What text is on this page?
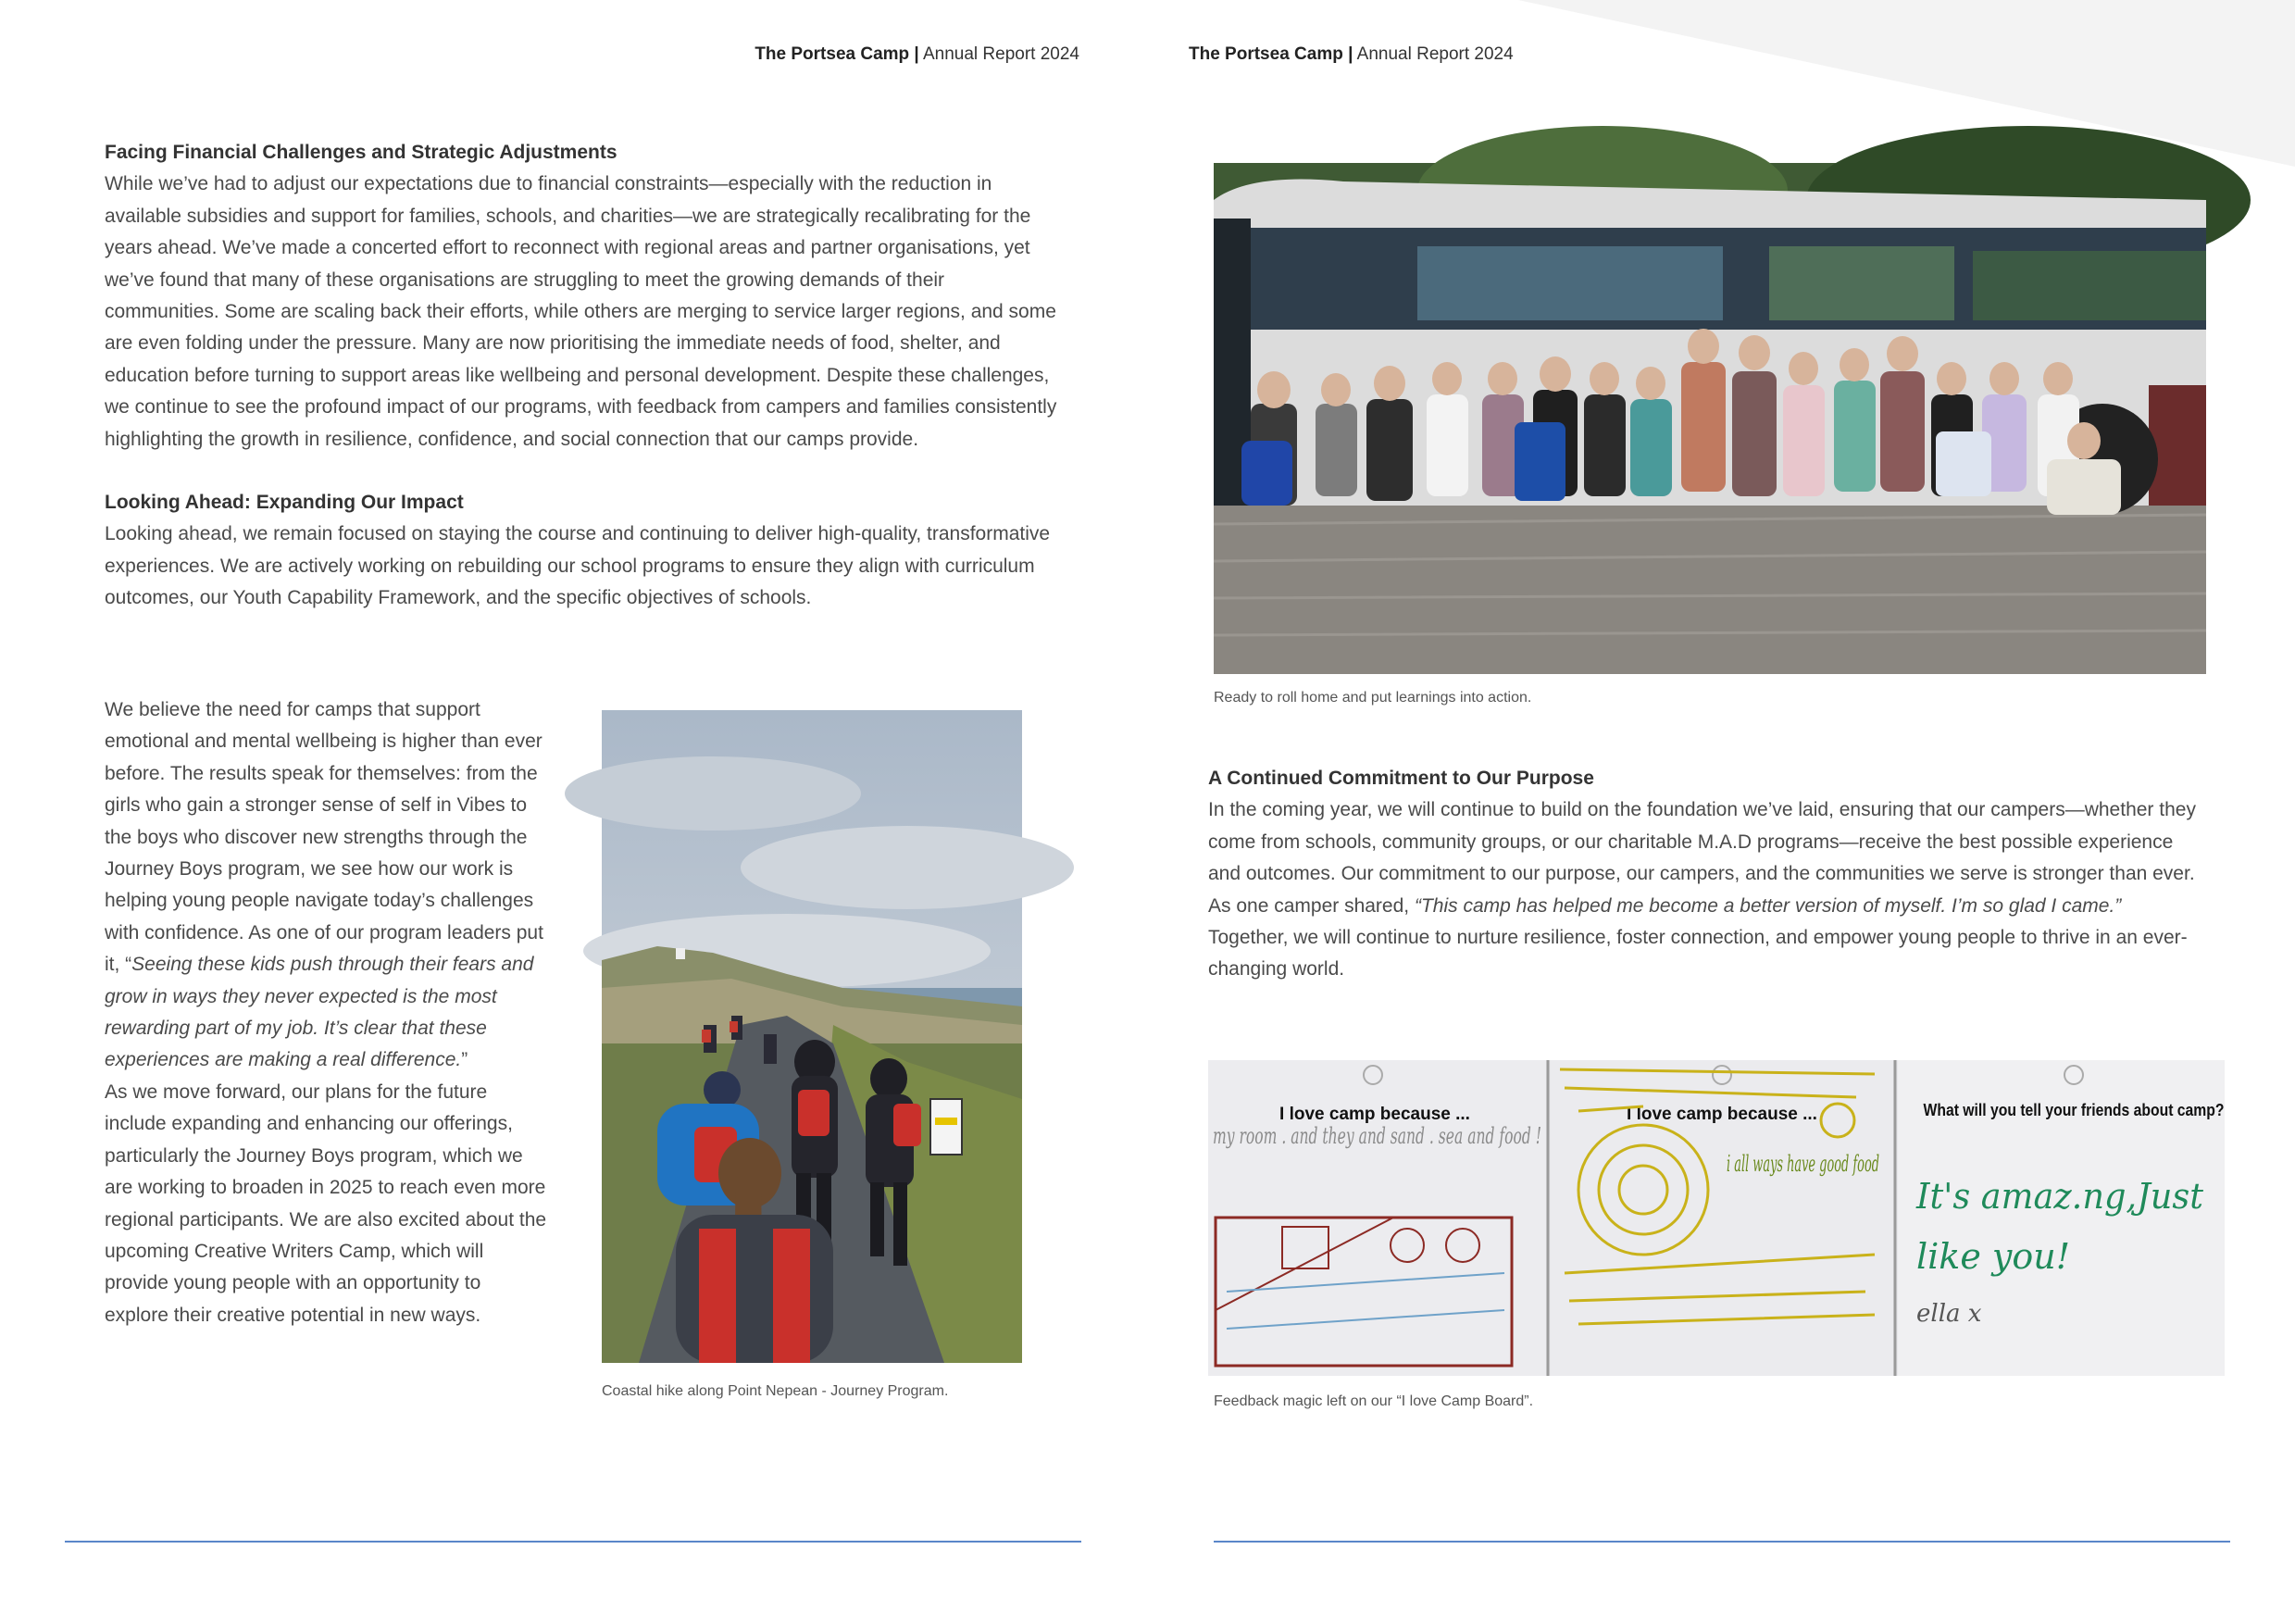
The Portsea Camp | Annual Report 2024	The Portsea Camp | Annual Report 2024
Facing Financial Challenges and Strategic Adjustments
While we’ve had to adjust our expectations due to financial constraints—especially with the reduction in available subsidies and support for families, schools, and charities—we are strategically recalibrating for the years ahead. We’ve made a concerted effort to reconnect with regional areas and partner organisations, yet we’ve found that many of these organisations are struggling to meet the growing demands of their communities. Some are scaling back their efforts, while others are merging to service larger regions, and some are even folding under the pressure. Many are now prioritising the immediate needs of food, shelter, and education before turning to support areas like wellbeing and personal development. Despite these challenges, we continue to see the profound impact of our programs, with feedback from campers and families consistently highlighting the growth in resilience, confidence, and social connection that our camps provide.
Looking Ahead: Expanding Our Impact
Looking ahead, we remain focused on staying the course and continuing to deliver high-quality, transformative experiences. We are actively working on rebuilding our school programs to ensure they align with curriculum outcomes, our Youth Capability Framework, and the specific objectives of schools.
We believe the need for camps that support emotional and mental wellbeing is higher than ever before. The results speak for themselves: from the girls who gain a stronger sense of self in Vibes to the boys who discover new strengths through the Journey Boys program, we see how our work is helping young people navigate today’s challenges with confidence. As one of our program leaders put it, “Seeing these kids push through their fears and grow in ways they never expected is the most rewarding part of my job. It’s clear that these experiences are making a real difference.”
As we move forward, our plans for the future include expanding and enhancing our offerings, particularly the Journey Boys program, which we are working to broaden in 2025 to reach even more regional participants. We are also excited about the upcoming Creative Writers Camp, which will provide young people with an opportunity to explore their creative potential in new ways.
Coastal hike along Point Nepean - Journey Program.
Ready to roll home and put learnings into action.
A Continued Commitment to Our Purpose
In the coming year, we will continue to build on the foundation we’ve laid, ensuring that our campers—whether they come from schools, community groups, or our charitable M.A.D programs—receive the best possible experience and outcomes. Our commitment to our purpose, our campers, and the communities we serve is stronger than ever. As one camper shared, “This camp has helped me become a better version of myself. I’m so glad I came.”
Together, we will continue to nurture resilience, foster connection, and empower young people to thrive in an ever-changing world.
I love camp because ...
my room . and they and sand . sea and food !
I love camp because ...
i all ways have good food
What will you tell your friends about camp?
It's amaz.ng,Just
like you!
ella x
Feedback magic left on our “I love Camp Board”.
